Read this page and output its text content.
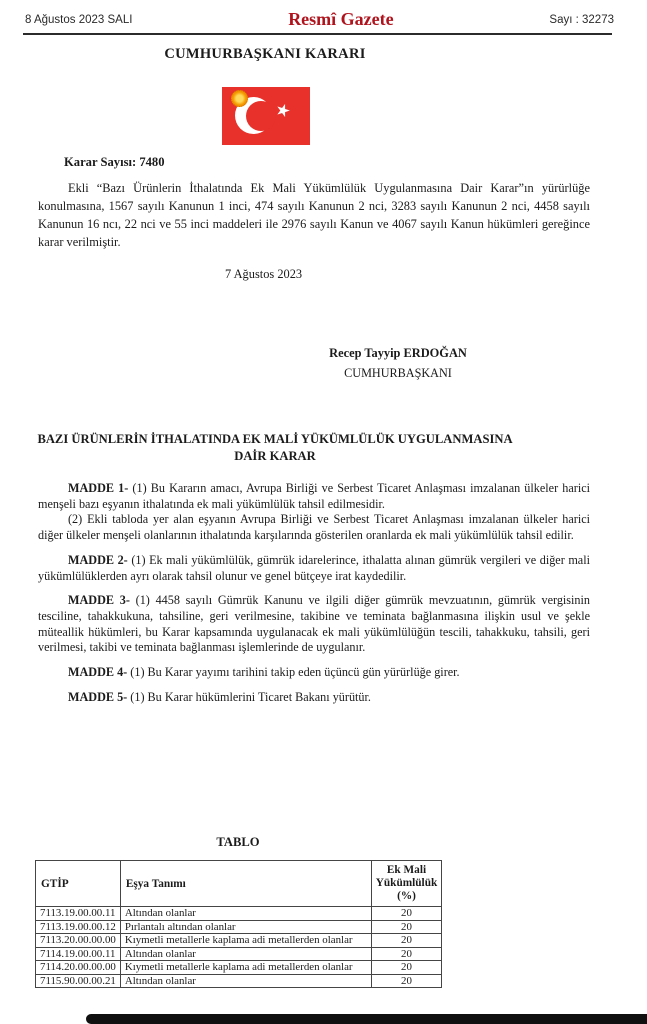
8 Ağustos 2023 SALI	Resmî Gazete	Sayı : 32273
CUMHURBAŞKANI KARARI
★
Karar Sayısı: 7480

Ekli “Bazı Ürünlerin İthalatında Ek Mali Yükümlülük Uygulanmasına Dair Karar”ın yürürlüğe konulmasına, 1567 sayılı Kanunun 1 inci, 474 sayılı Kanunun 2 nci, 3283 sayılı Kanunun 2 nci, 4458 sayılı Kanunun 16 ncı, 22 nci ve 55 inci maddeleri ile 2976 sayılı Kanun ve 4067 sayılı Kanun hükümleri gereğince karar verilmiştir.

7 Ağustos 2023
Recep Tayyip ERDOĞAN
CUMHURBAŞKANI
BAZI ÜRÜNLERİN İTHALATINDA EK MALİ YÜKÜMLÜLÜK UYGULANMASINA
DAİR KARAR

MADDE 1- (1) Bu Kararın amacı, Avrupa Birliği ve Serbest Ticaret Anlaşması imzalanan ülkeler harici menşeli bazı eşyanın ithalatında ek mali yükümlülük tahsil edilmesidir.

(2) Ekli tabloda yer alan eşyanın Avrupa Birliği ve Serbest Ticaret Anlaşması imzalanan ülkeler harici diğer ülkeler menşeli olanlarının ithalatında karşılarında gösterilen oranlarda ek mali yükümlülük tahsil edilir.

MADDE 2- (1) Ek mali yükümlülük, gümrük idarelerince, ithalatta alınan gümrük vergileri ve diğer mali yükümlülüklerden ayrı olarak tahsil olunur ve genel bütçeye irat kaydedilir.

MADDE 3- (1) 4458 sayılı Gümrük Kanunu ve ilgili diğer gümrük mevzuatının, gümrük vergisinin tesciline, tahakkukuna, tahsiline, geri verilmesine, takibine ve teminata bağlanmasına ilişkin usul ve şekle müteallik hükümleri, bu Karar kapsamında uygulanacak ek mali yükümlülüğün tescili, tahakkuku, tahsili, geri verilmesi, takibi ve teminata bağlanması işlemlerinde de uygulanır.

MADDE 4- (1) Bu Karar yayımı tarihini takip eden üçüncü gün yürürlüğe girer.

MADDE 5- (1) Bu Karar hükümlerini Ticaret Bakanı yürütür.

TABLO
GTİP	Eşya Tanımı	Ek Mali Yükümlülük (%)
7113.19.00.00.11	Altından olanlar	20
7113.19.00.00.12	Pırlantalı altından olanlar	20
7113.20.00.00.00	Kıymetli metallerle kaplama adi metallerden olanlar	20
7114.19.00.00.11	Altından olanlar	20
7114.20.00.00.00	Kıymetli metallerle kaplama adi metallerden olanlar	20
7115.90.00.00.21	Altından olanlar	20
